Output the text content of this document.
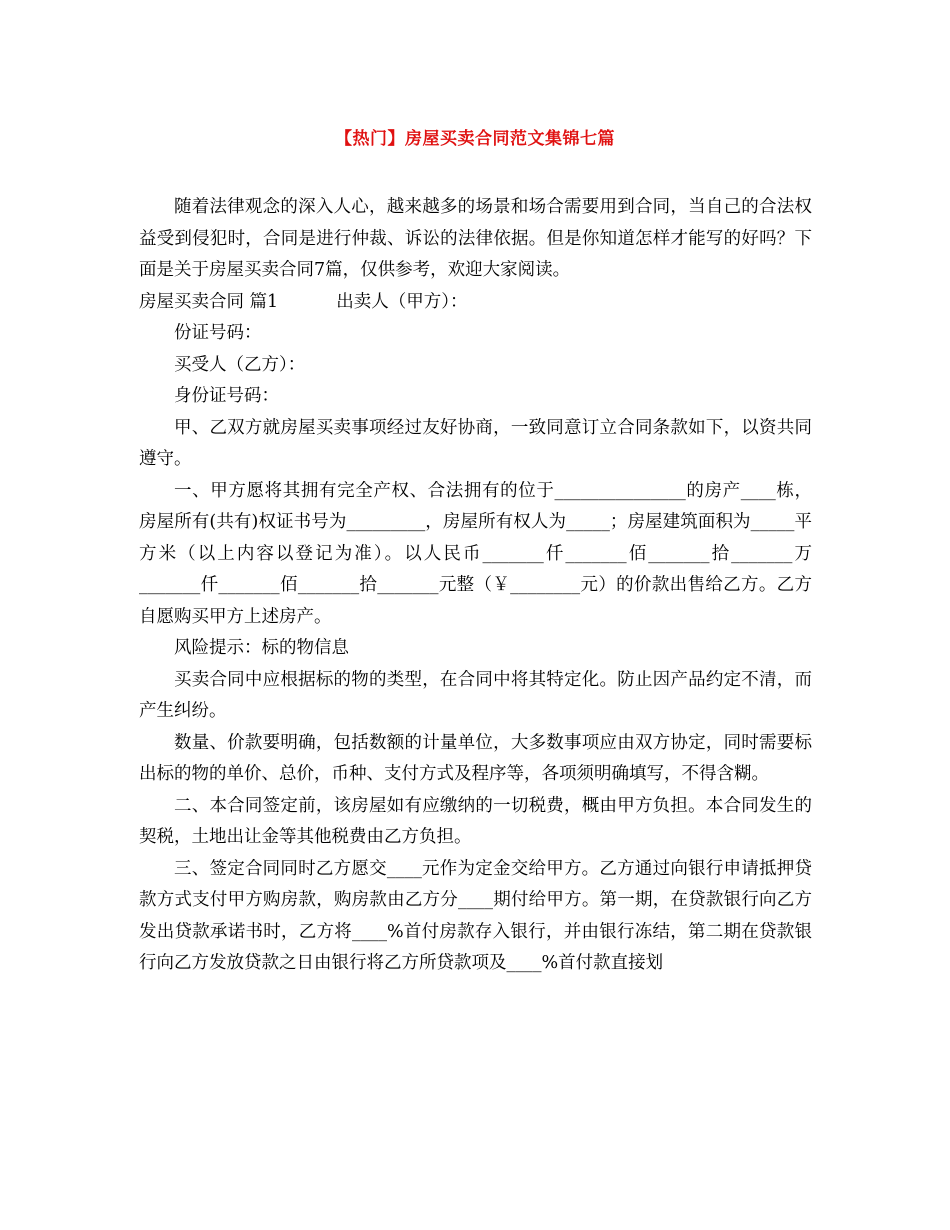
【热门】房屋买卖合同范文集锦七篇

随着法律观念的深入人心，越来越多的场景和场合需要用到合同，当自己的合法权益受到侵犯时，合同是进行仲裁、诉讼的法律依据。但是你知道怎样才能写的好吗？下面是关于房屋买卖合同7篇，仅供参考，欢迎大家阅读。

房屋买卖合同 篇1	出卖人（甲方）：

份证号码：

买受人（乙方）：

身份证号码：

甲、乙双方就房屋买卖事项经过友好协商，一致同意订立合同条款如下，以资共同遵守。

一、甲方愿将其拥有完全产权、合法拥有的位于_______________的房产____栋，房屋所有(共有)权证书号为_________，房屋所有权人为_____；房屋建筑面积为_____平方米（以上内容以登记为准）。以人民币_______仟_______佰_______拾_______万_______仟_______佰_______拾_______元整（￥________元）的价款出售给乙方。乙方自愿购买甲方上述房产。

风险提示：标的物信息

买卖合同中应根据标的物的类型，在合同中将其特定化。防止因产品约定不清，而产生纠纷。

数量、价款要明确，包括数额的计量单位，大多数事项应由双方协定，同时需要标出标的物的单价、总价，币种、支付方式及程序等，各项须明确填写，不得含糊。

二、本合同签定前，该房屋如有应缴纳的一切税费，概由甲方负担。本合同发生的契税，土地出让金等其他税费由乙方负担。

三、签定合同同时乙方愿交____元作为定金交给甲方。乙方通过向银行申请抵押贷款方式支付甲方购房款，购房款由乙方分____期付给甲方。第一期，在贷款银行向乙方发出贷款承诺书时，乙方将____%首付房款存入银行，并由银行冻结，第二期在贷款银行向乙方发放贷款之日由银行将乙方所贷款项及____%首付款直接划
